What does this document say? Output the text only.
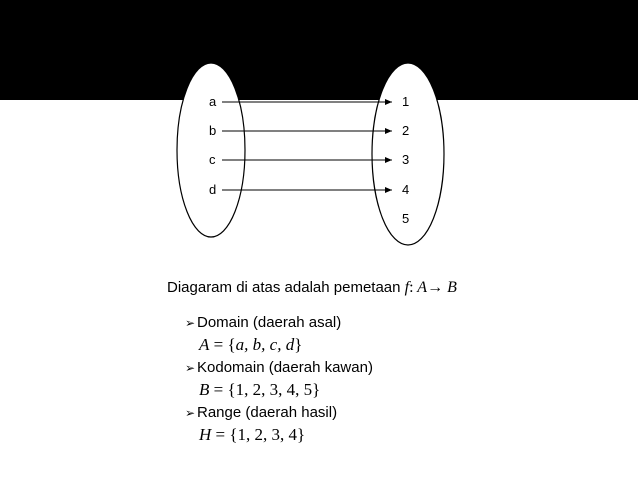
a
b
c
d
1
2
3
4
5
Diagaram di atas adalah pemetaan f: A→ B
➢ Domain (daerah asal)
A = {a, b, c, d}
➢ Kodomain (daerah kawan)
B = {1, 2, 3, 4, 5}
➢ Range (daerah hasil)
H = {1, 2, 3, 4}
